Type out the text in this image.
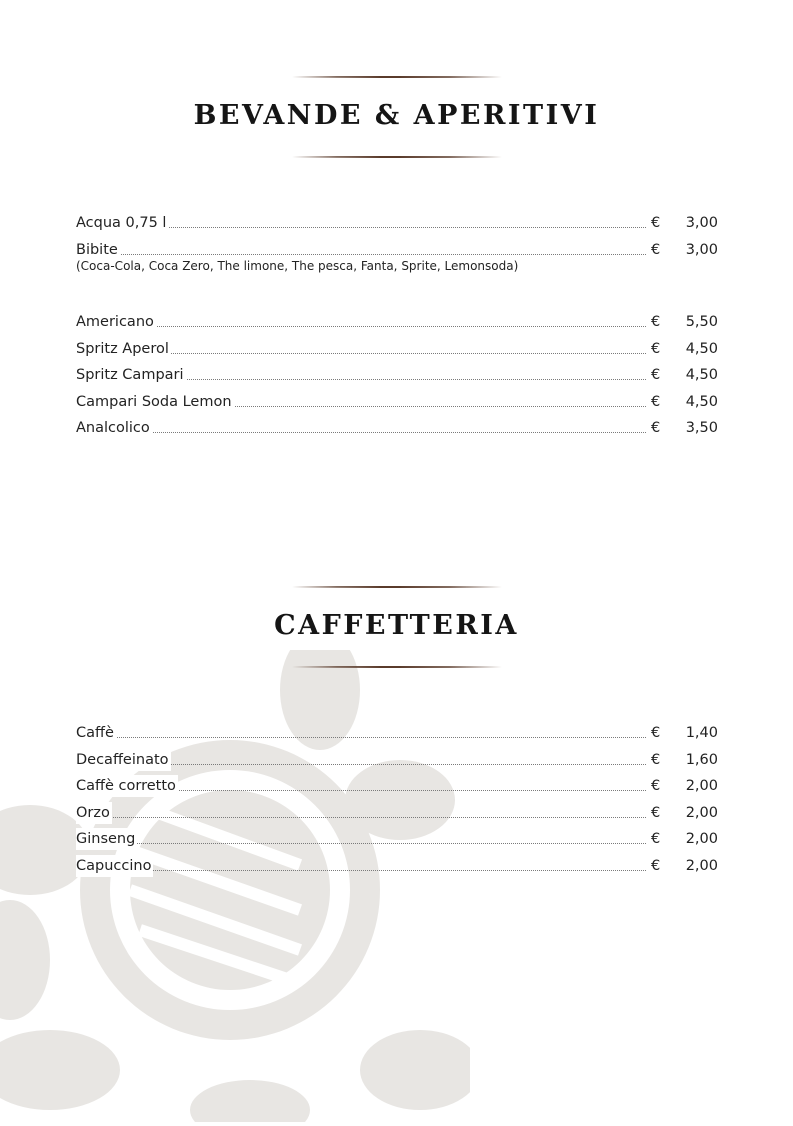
BEVANDE & APERITIVI
Acqua 0,75 l	€ 3,00
Bibite	€ 3,00
(Coca-Cola, Coca Zero, The limone, The pesca, Fanta, Sprite, Lemonsoda)
Americano	€ 5,50
Spritz Aperol	€ 4,50
Spritz Campari	€ 4,50
Campari Soda Lemon	€ 4,50
Analcolico	€ 3,50
CAFFETTERIA
Caffè	€ 1,40
Decaffeinato	€ 1,60
Caffè corretto	€ 2,00
Orzo	€ 2,00
Ginseng	€ 2,00
Capuccino	€ 2,00
